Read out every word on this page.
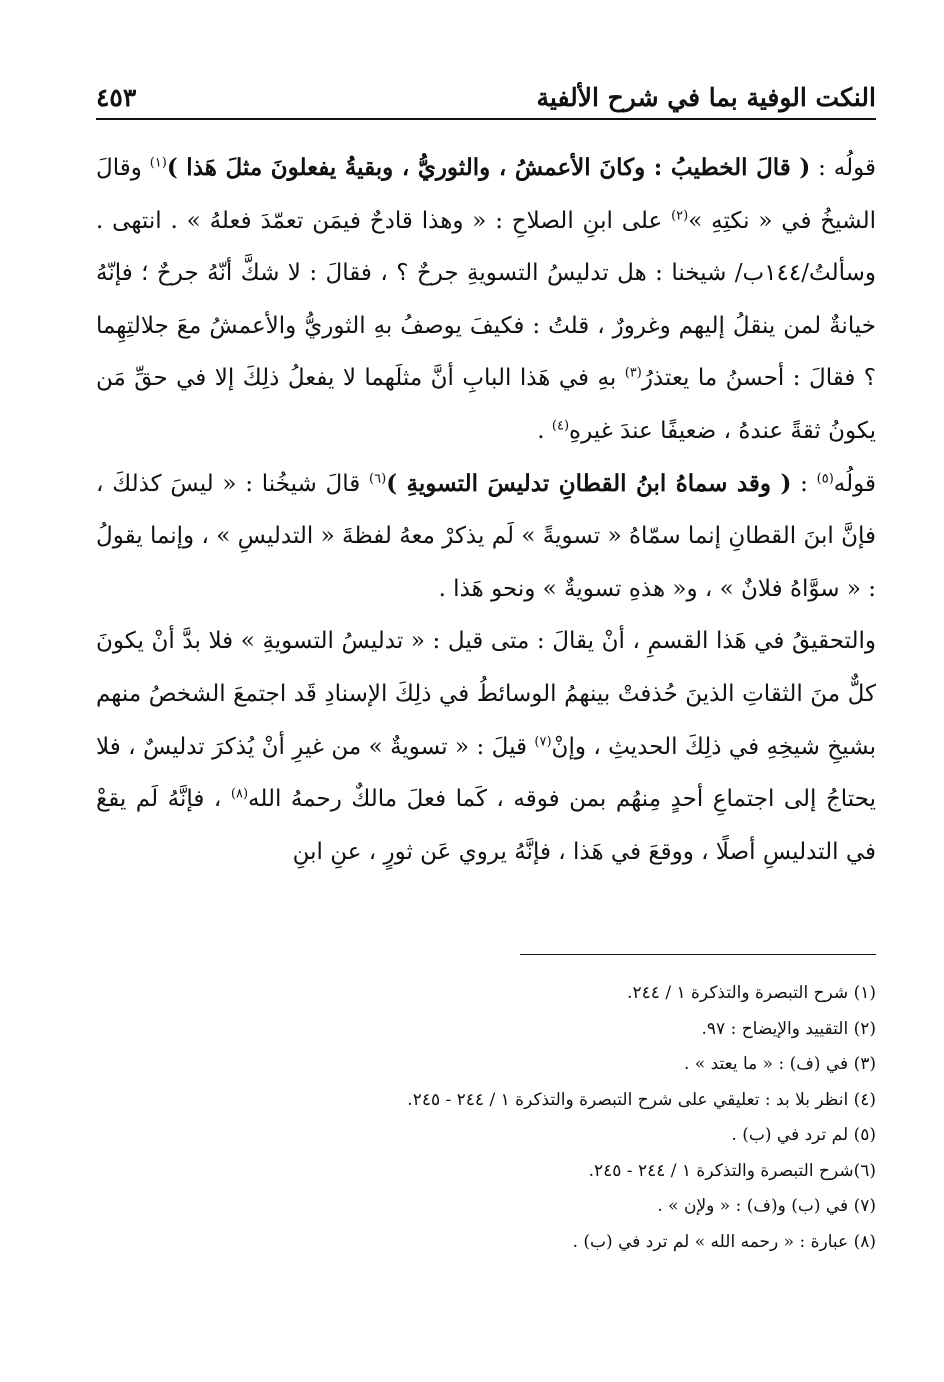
النكت الوفية بما في شرح الألفية
٤٥٣

قولُه : ( قالَ الخطيبُ : وكانَ الأعمشُ ، والثوريُّ ، وبقيةُ يفعلونَ مثلَ هَذا )$^{(١)}$ وقالَ الشيخُ في « نكتِهِ »$^{(٢)}$ على ابنِ الصلاحِ : « وهذا قادحٌ فيمَن تعمّدَ فعلهُ » . انتهى . وسألتُ/١٤٤ب/ شيخنا : هل تدليسُ التسويةِ جرحٌ ؟ ، فقالَ : لا شكَّ أنّهُ جرحٌ ؛ فإنّهُ خيانةٌ لمن ينقلُ إليهم وغرورٌ ، قلتُ : فكيفَ يوصفُ بهِ الثوريُّ والأعمشُ معَ جلالتِهِما ؟ فقالَ : أحسنُ ما يعتذرُ$^{(٣)}$ بهِ في هَذا البابِ أنَّ مثلَهما لا يفعلُ ذلِكَ إلا في حقِّ مَن يكونُ ثقةً عندهُ ، ضعيفًا عندَ غيرهِ$^{(٤)}$ .

قولُه$^{(٥)}$ : ( وقد سماهُ ابنُ القطانِ تدليسَ التسويةِ )$^{(٦)}$ قالَ شيخُنا : « ليسَ كذلكَ ، فإنَّ ابنَ القطانِ إنما سمّاهُ « تسويةً » لَم يذكرْ معهُ لفظةَ « التدليسِ » ، وإنما يقولُ : « سوَّاهُ فلانٌ » ، و« هذهِ تسويةٌ » ونحو هَذا .

والتحقيقُ في هَذا القسمِ ، أنْ يقالَ : متى قيل : « تدليسُ التسويةِ » فلا بدَّ أنْ يكونَ كلٌّ منَ الثقاتِ الذينَ حُذفتْ بينهمُ الوسائطُ في ذلِكَ الإسنادِ قَد اجتمعَ الشخصُ منهم بشيخِ شيخِهِ في ذلِكَ الحديثِ ، وإنْ$^{(٧)}$ قيلَ : « تسويةٌ » من غيرِ أنْ يُذكرَ تدليسٌ ، فلا يحتاجُ إلى اجتماعِ أحدٍ مِنهُم بمن فوقه ، كَما فعلَ مالكٌ رحمهُ الله$^{(٨)}$ ، فإنَّهُ لَم يقعْ في التدليسِ أصلًا ، ووقعَ في هَذا ، فإنَّهُ يروي عَن ثورٍ ، عنِ ابنِ

(١) شرح التبصرة والتذكرة ١ / ٢٤٤.

(٢) التقييد والإيضاح : ٩٧.

(٣) في (ف) : « ما يعتد » .

(٤) انظر بلا بد : تعليقي على شرح التبصرة والتذكرة ١ / ٢٤٤ - ٢٤٥.

(٥) لم ترد في (ب) .

(٦)شرح التبصرة والتذكرة ١ / ٢٤٤ - ٢٤٥.

(٧) في (ب) و(ف) : « ولإن » .

(٨) عبارة : « رحمه الله » لم ترد في (ب) .
